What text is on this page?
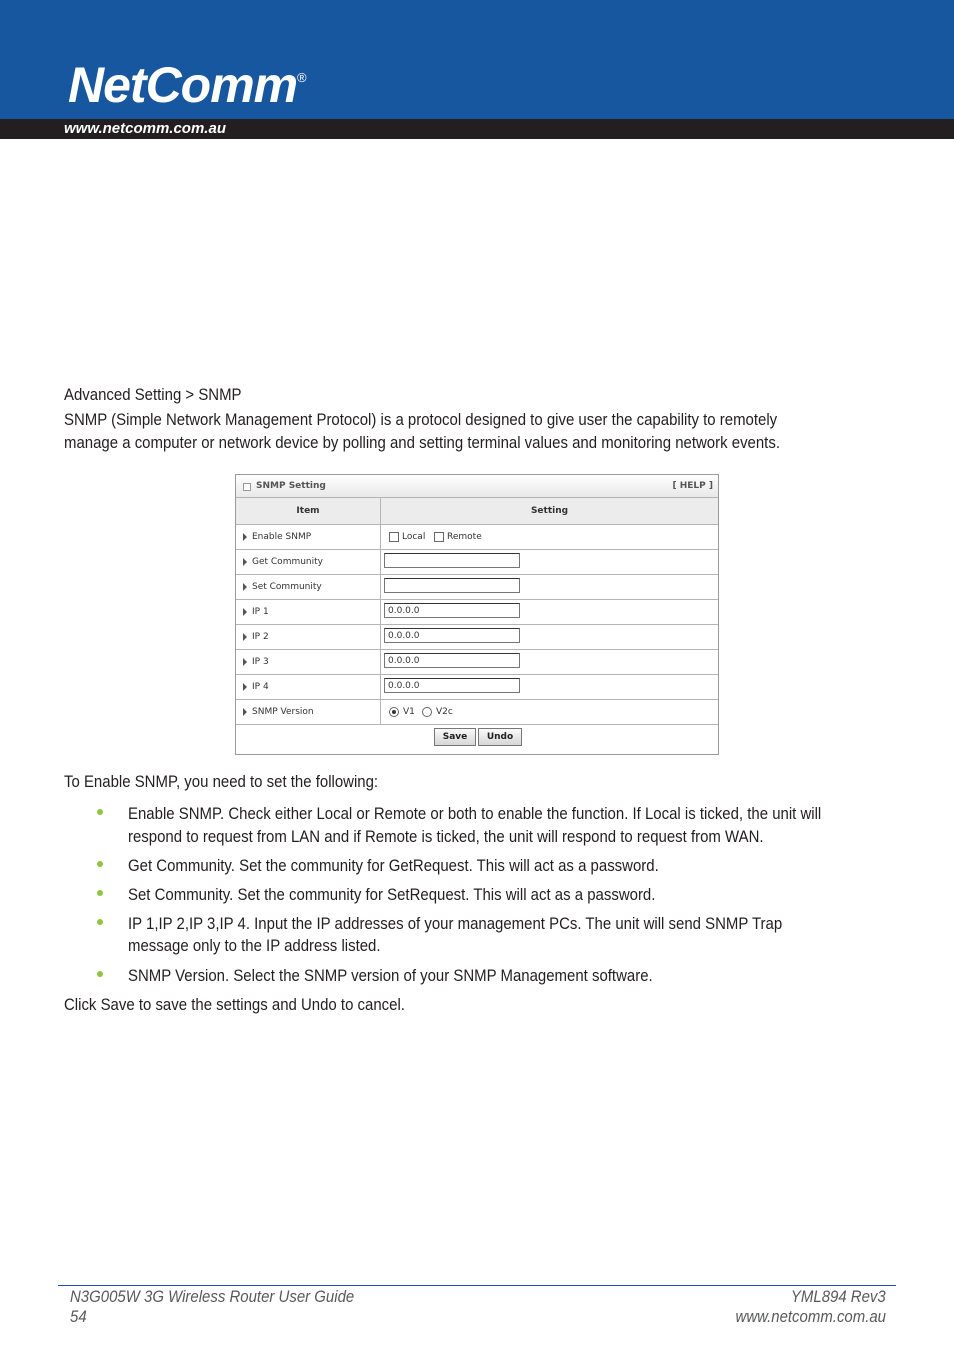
NetComm ®
www.netcomm.com.au
Advanced Setting > SNMP
SNMP (Simple Network Management Protocol) is a protocol designed to give user the capability to remotely
manage a computer or network device by polling and setting terminal values and monitoring network events.
SNMP Setting	[ HELP ]
Item	Setting
Enable SNMP	Local Remote
Get Community
Set Community
IP 1	0.0.0.0
IP 2	0.0.0.0
IP 3	0.0.0.0
IP 4	0.0.0.0
SNMP Version	V1 V2c
Save	Undo
To Enable SNMP, you need to set the following:
Enable SNMP. Check either Local or Remote or both to enable the function. If Local is ticked, the unit will
respond to request from LAN and if Remote is ticked, the unit will respond to request from WAN.
Get Community. Set the community for GetRequest. This will act as a password.
Set Community. Set the community for SetRequest. This will act as a password.
IP 1,IP 2,IP 3,IP 4. Input the IP addresses of your management PCs. The unit will send SNMP Trap
message only to the IP address listed.
SNMP Version. Select the SNMP version of your SNMP Management software.
Click Save to save the settings and Undo to cancel.
N3G005W 3G Wireless Router User Guide
54
YML894 Rev3
www.netcomm.com.au
